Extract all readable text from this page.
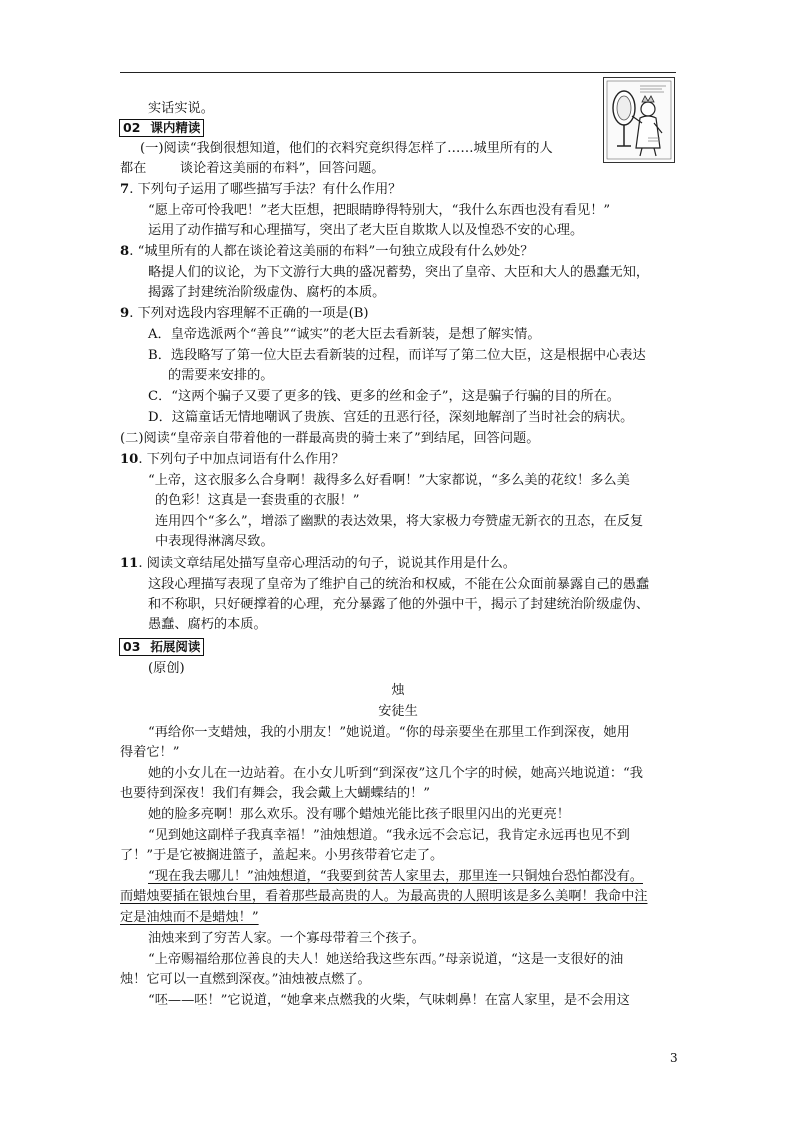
实话实说。
02 课内精读
(一)阅读“我倒很想知道，他们的衣料究竟织得怎样了……城里所有的人
都在        谈论着这美丽的布料”，回答问题。
7. 下列句子运用了哪些描写手法？有什么作用？
“愿上帝可怜我吧！”老大臣想，把眼睛睁得特别大，“我什么东西也没有看见！”
运用了动作描写和心理描写，突出了老大臣自欺欺人以及惶恐不安的心理。
8. “城里所有的人都在谈论着这美丽的布料”一句独立成段有什么妙处？
略提人们的议论，为下文游行大典的盛况蓄势，突出了皇帝、大臣和大人的愚蠢无知，
揭露了封建统治阶级虚伪、腐朽的本质。
9. 下列对选段内容理解不正确的一项是(B)
A．皇帝选派两个“善良”“诚实”的老大臣去看新装，是想了解实情。
B．选段略写了第一位大臣去看新装的过程，而详写了第二位大臣，这是根据中心表达
的需要来安排的。
C．“这两个骗子又要了更多的钱、更多的丝和金子”，这是骗子行骗的目的所在。
D．这篇童话无情地嘲讽了贵族、宫廷的丑恶行径，深刻地解剖了当时社会的病状。
(二)阅读“皇帝亲自带着他的一群最高贵的骑士来了”到结尾，回答问题。
10. 下列句子中加点词语有什么作用？
“上帝，这衣服多么合身啊！裁得多么好看啊！”大家都说，“多么美的花纹！多么美
的色彩！这真是一套贵重的衣服！”
连用四个“多么”，增添了幽默的表达效果，将大家极力夸赞虚无新衣的丑态，在反复
中表现得淋漓尽致。
11. 阅读文章结尾处描写皇帝心理活动的句子，说说其作用是什么。
这段心理描写表现了皇帝为了维护自己的统治和权威，不能在公众面前暴露自己的愚蠢
和不称职，只好硬撑着的心理，充分暴露了他的外强中干，揭示了封建统治阶级虚伪、
愚蠢、腐朽的本质。
03 拓展阅读
(原创)
烛
安徒生
“再给你一支蜡烛，我的小朋友！”她说道。“你的母亲要坐在那里工作到深夜，她用
得着它！”
她的小女儿在一边站着。在小女儿听到“到深夜”这几个字的时候，她高兴地说道：“我
也要待到深夜！我们有舞会，我会戴上大蝴蝶结的！”
她的脸多亮啊！那么欢乐。没有哪个蜡烛光能比孩子眼里闪出的光更亮！
“见到她这副样子我真幸福！”油烛想道。“我永远不会忘记，我肯定永远再也见不到
了！”于是它被搁进篮子，盖起来。小男孩带着它走了。
“现在我去哪儿！”油烛想道，“我要到贫苦人家里去，那里连一只铜烛台恐怕都没有。
而蜡烛要插在银烛台里，看着那些最高贵的人。为最高贵的人照明该是多么美啊！我命中注
定是油烛而不是蜡烛！”
油烛来到了穷苦人家。一个寡母带着三个孩子。
“上帝赐福给那位善良的夫人！她送给我这些东西。”母亲说道，“这是一支很好的油
烛！它可以一直燃到深夜。”油烛被点燃了。
“呸——呸！”它说道，“她拿来点燃我的火柴，气味刺鼻！在富人家里，是不会用这
3
